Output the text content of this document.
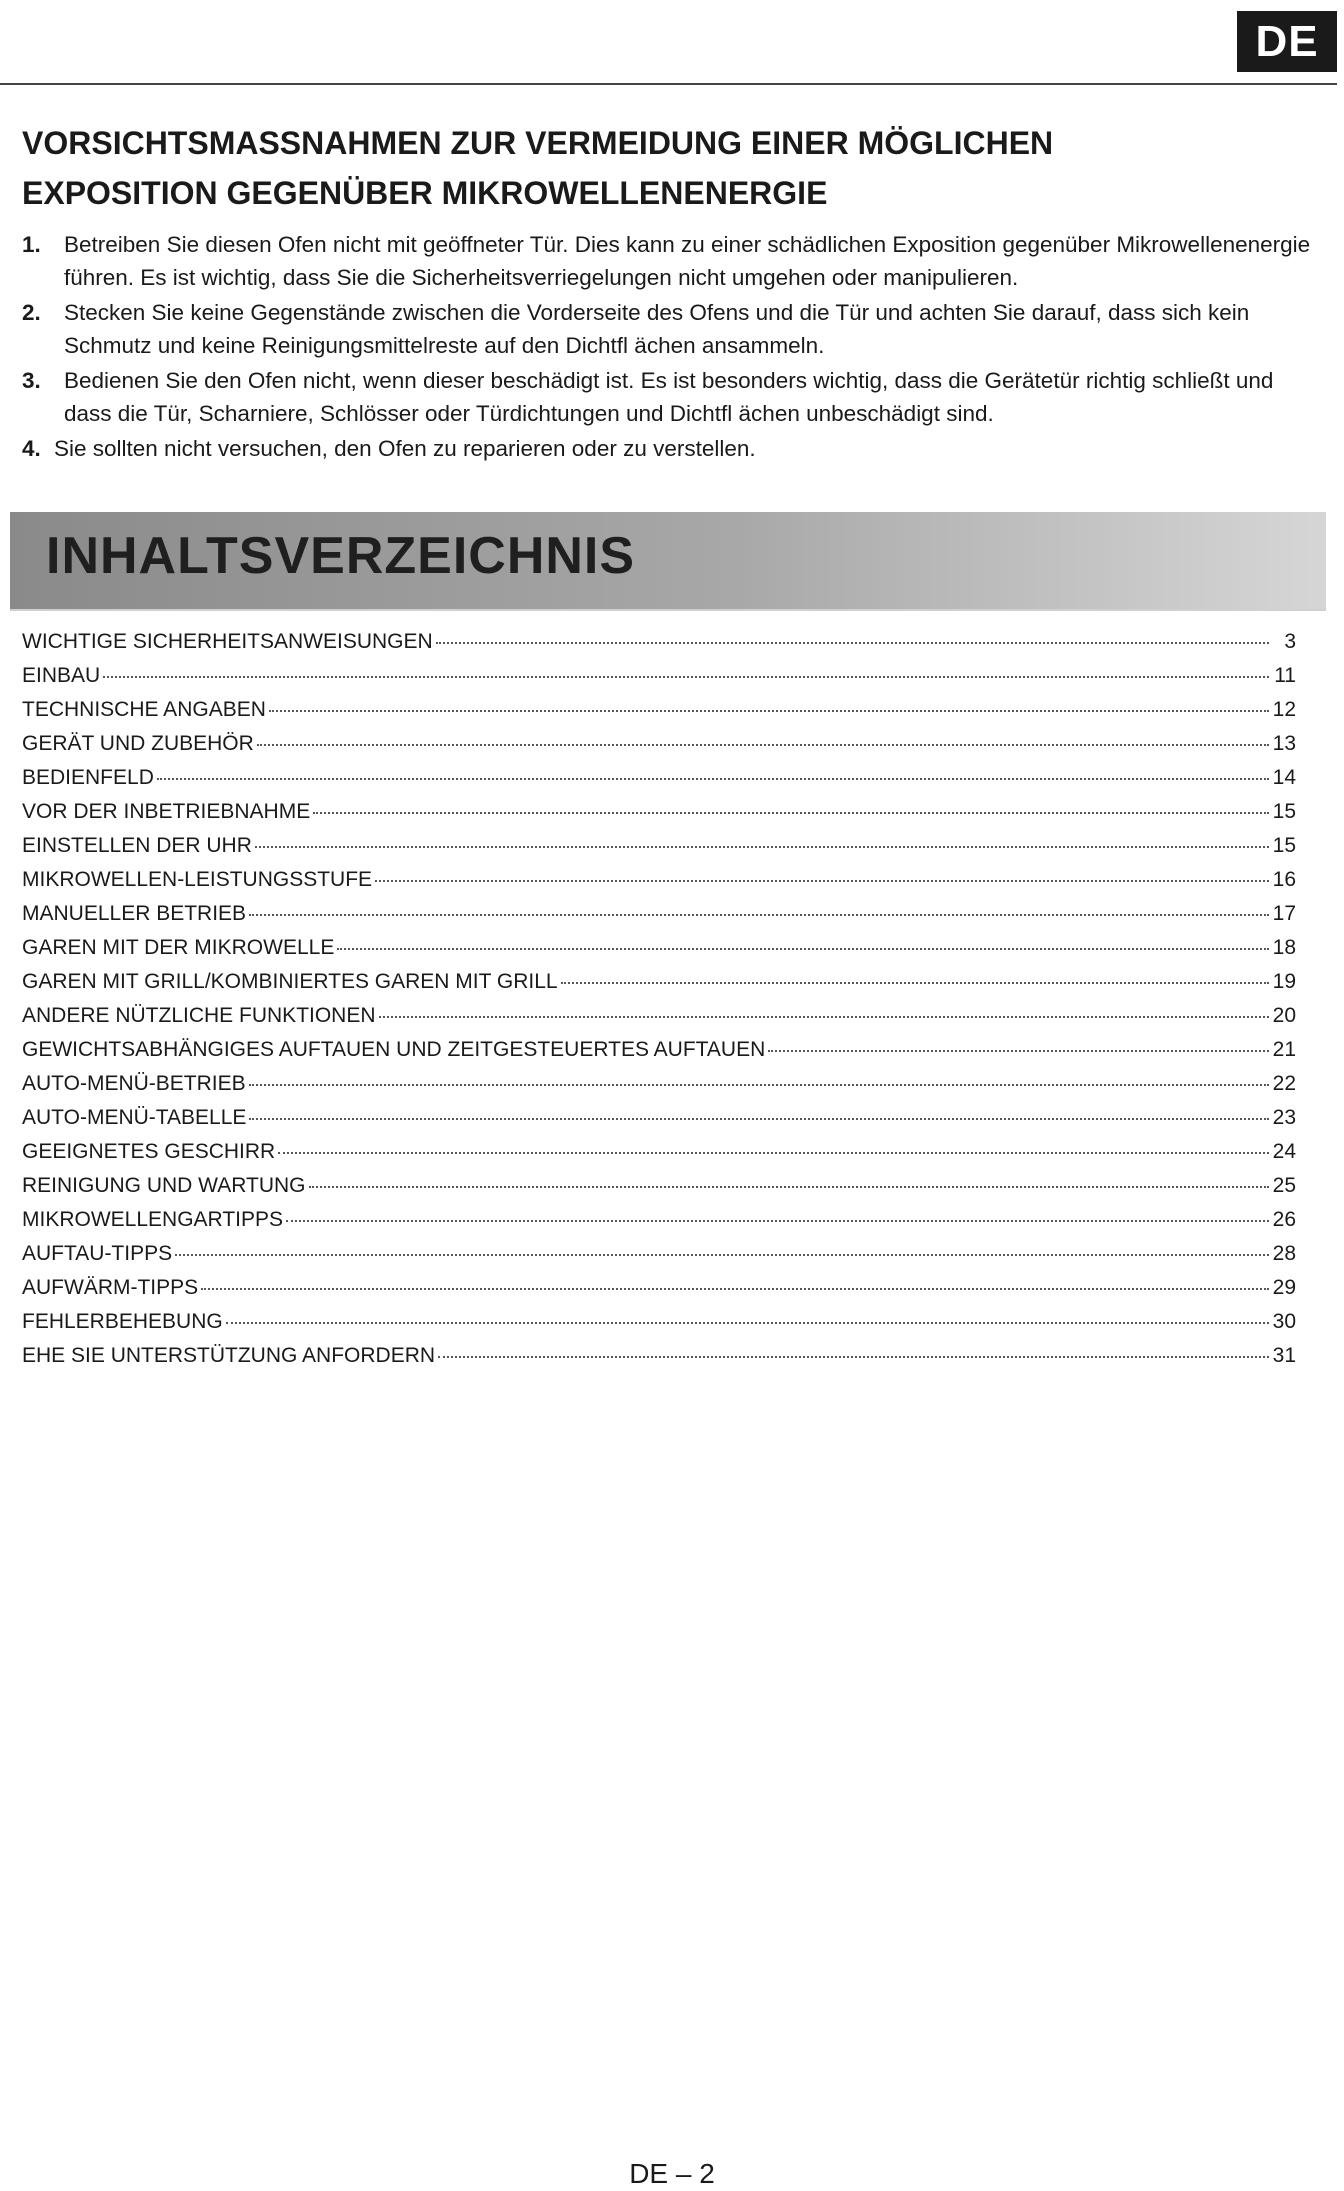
DE
VORSICHTSMASSNAHMEN ZUR VERMEIDUNG EINER MÖGLICHEN
EXPOSITION GEGENÜBER MIKROWELLENENERGIE
1. Betreiben Sie diesen Ofen nicht mit geöffneter Tür. Dies kann zu einer schädlichen Exposition gegenüber Mikrowellenenergie führen. Es ist wichtig, dass Sie die Sicherheitsverriegelungen nicht umgehen oder manipulieren.
2. Stecken Sie keine Gegenstände zwischen die Vorderseite des Ofens und die Tür und achten Sie darauf, dass sich kein Schmutz und keine Reinigungsmittelreste auf den Dichtfl ächen ansammeln.
3. Bedienen Sie den Ofen nicht, wenn dieser beschädigt ist. Es ist besonders wichtig, dass die Gerätetür richtig schließt und dass die Tür, Scharniere, Schlösser oder Türdichtungen und Dichtfl ächen unbeschädigt sind.
4. Sie sollten nicht versuchen, den Ofen zu reparieren oder zu verstellen.
INHALTSVERZEICHNIS
WICHTIGE SICHERHEITSANWEISUNGEN	3
EINBAU	11
TECHNISCHE ANGABEN	12
GERÄT UND ZUBEHÖR	13
BEDIENFELD	14
VOR DER INBETRIEBNAHME	15
EINSTELLEN DER UHR	15
MIKROWELLEN-LEISTUNGSSTUFE	16
MANUELLER BETRIEB	17
GAREN MIT DER MIKROWELLE	18
GAREN MIT GRILL/KOMBINIERTES GAREN MIT GRILL	19
ANDERE NÜTZLICHE FUNKTIONEN	20
GEWICHTSABHÄNGIGES AUFTAUEN UND ZEITGESTEUERTES AUFTAUEN	21
AUTO-MENÜ-BETRIEB	22
AUTO-MENÜ-TABELLE	23
GEEIGNETES GESCHIRR	24
REINIGUNG UND WARTUNG	25
MIKROWELLENGARTIPPS	26
AUFTAU-TIPPS	28
AUFWÄRM-TIPPS	29
FEHLERBEHEBUNG	30
EHE SIE UNTERSTÜTZUNG ANFORDERN	31
DE – 2
